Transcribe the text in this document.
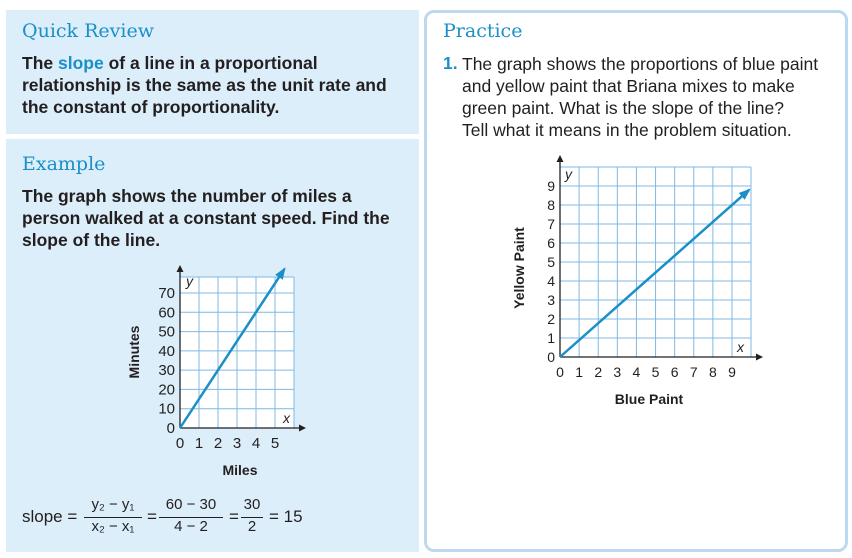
Quick Review
The slope of a line in a proportional
relationship is the same as the unit rate and
the constant of proportionality.
Example
The graph shows the number of miles a
person walked at a constant speed. Find the
slope of the line.
0 1 2 3 4 5
0
10
20
30
40
50
60
70
Minutes
Miles
y
x
slope =
y₂ − y₁
x₂ − x₁
=
60 − 30
4 − 2
=
30
2
= 15
Practice
1. The graph shows the proportions of blue paint
and yellow paint that Briana mixes to make
green paint. What is the slope of the line?
Tell what it means in the problem situation.
0 1 2 3 4 5 6 7 8 9
0
1
2
3
4
5
6
7
8
9
Yellow Paint
Blue Paint
y
x
